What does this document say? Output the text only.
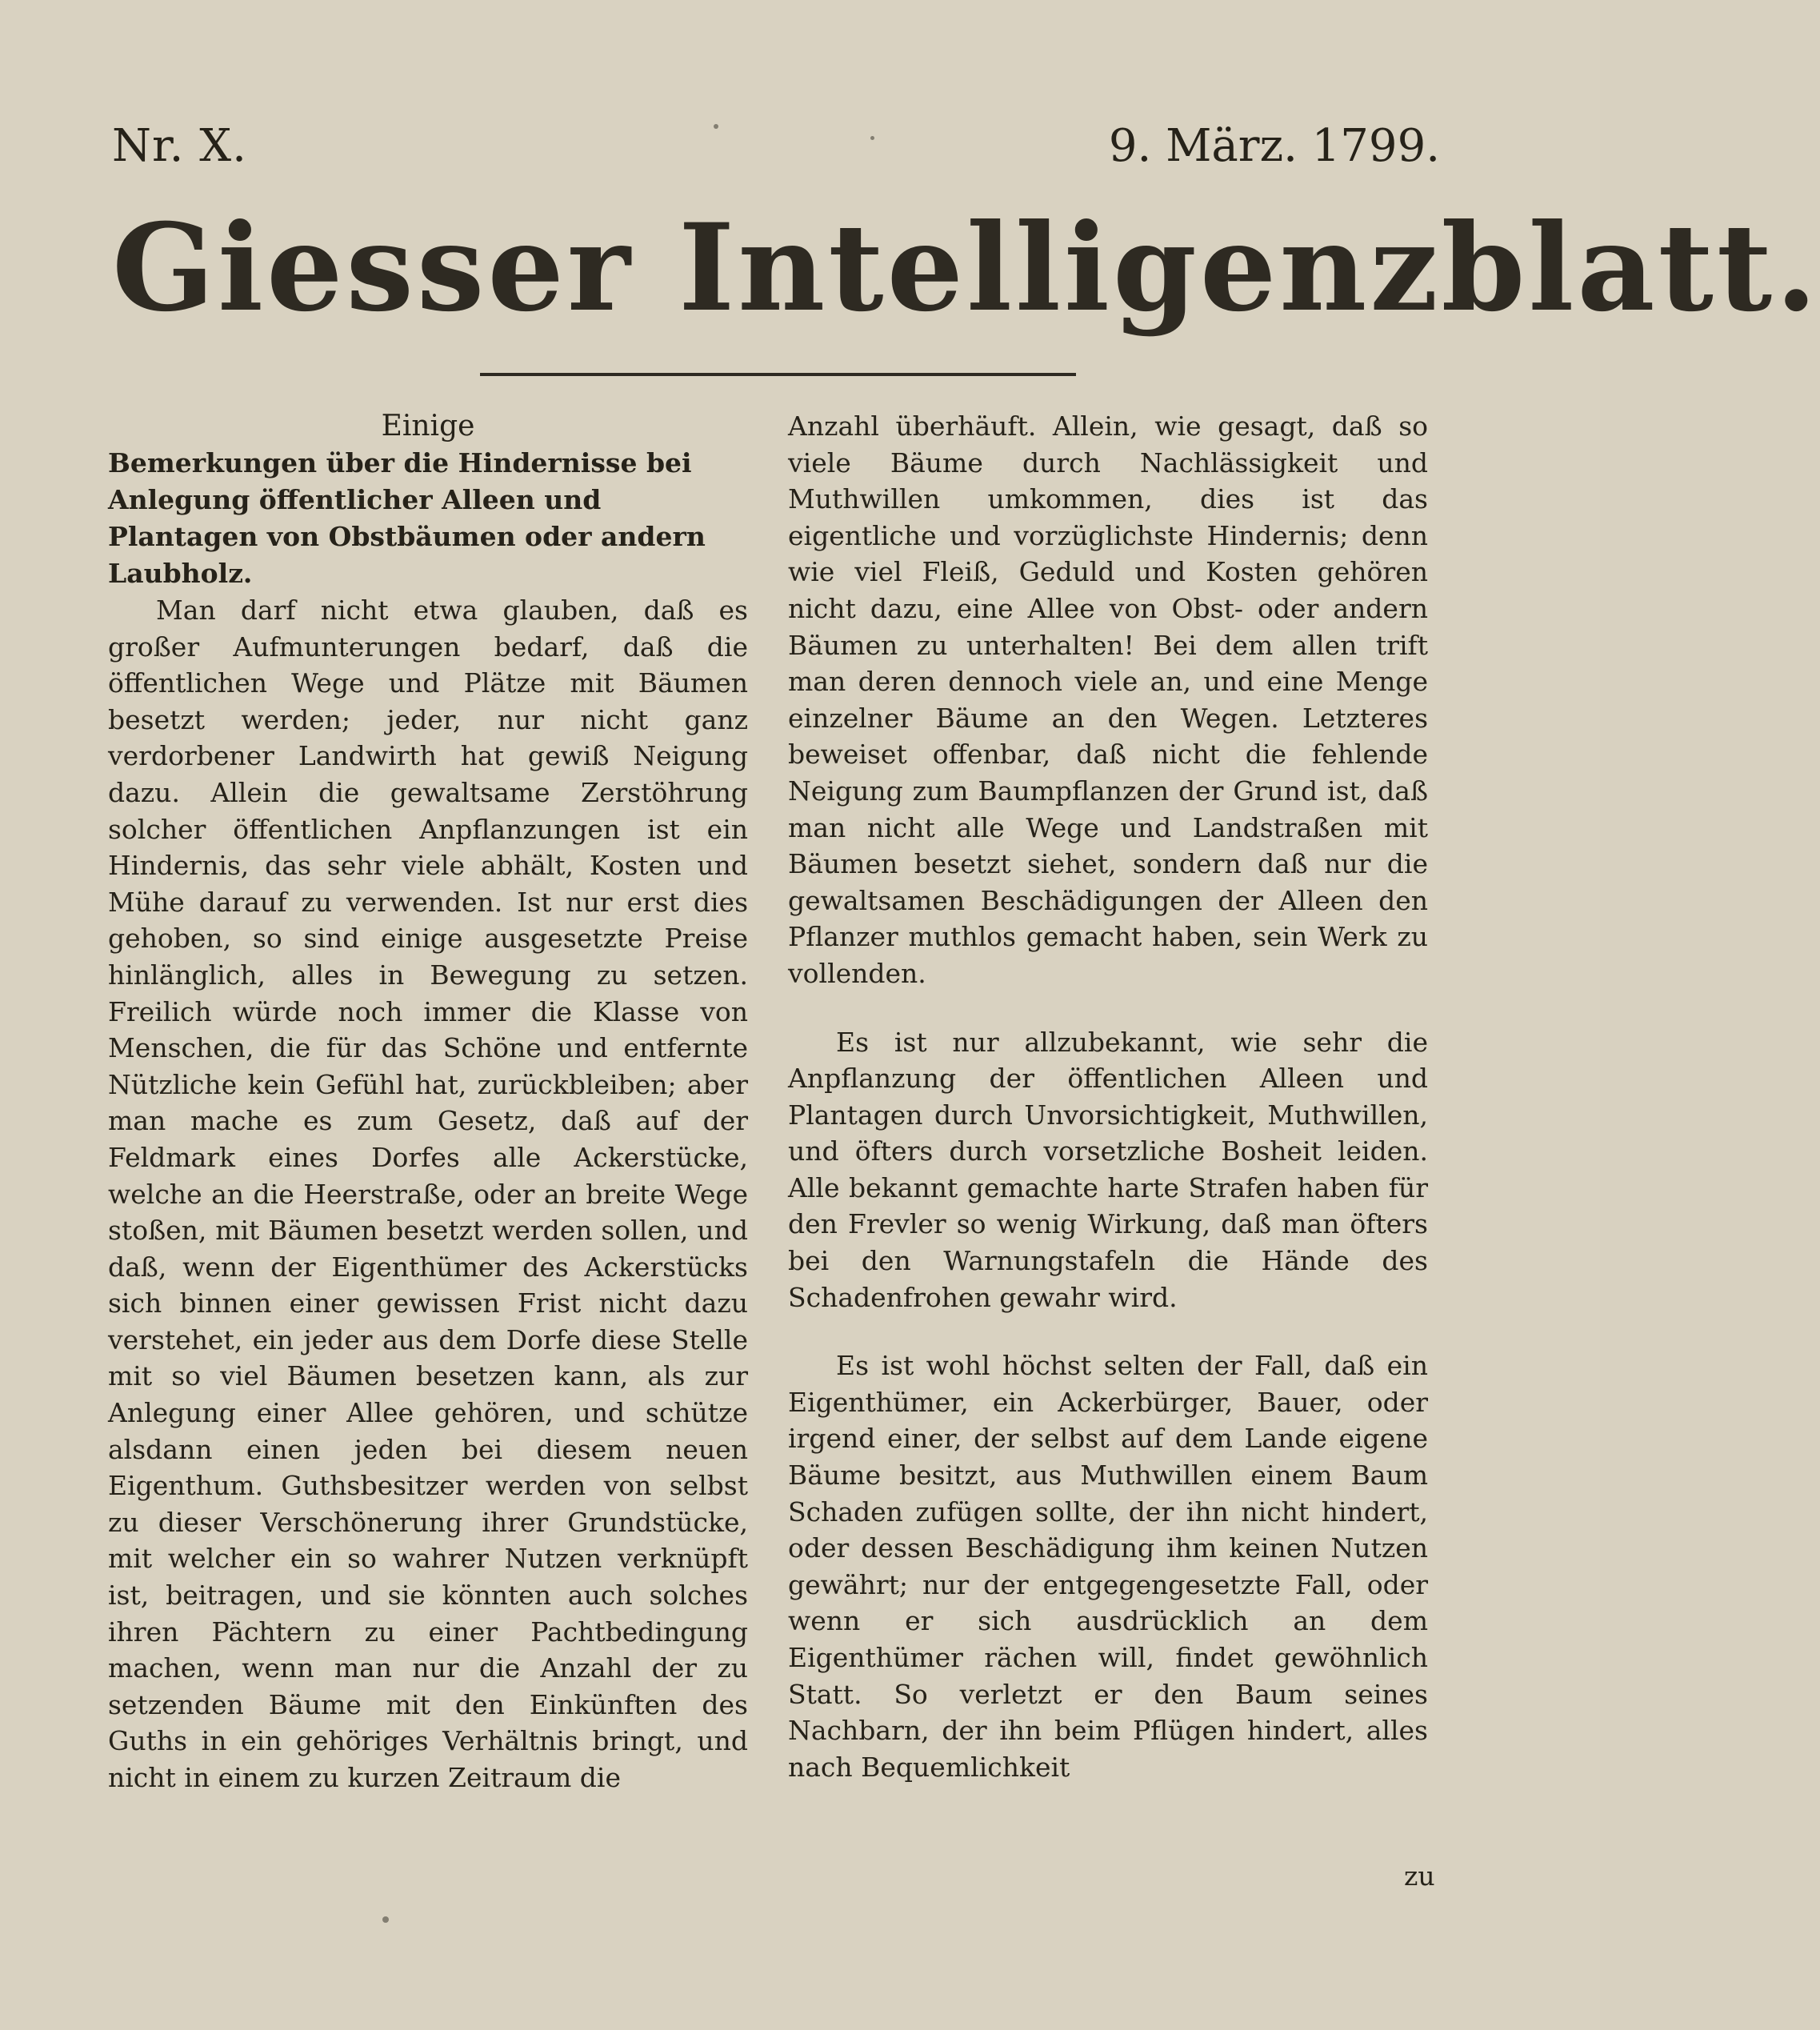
Nr. X.	9. März. 1799.
Giesser Intelligenzblatt.

Einige

Bemerkungen über die Hindernisse bei Anlegung öffentlicher Alleen und Plantagen von Obstbäumen oder andern Laubholz.

Man darf nicht etwa glauben, daß es großer Aufmunterungen bedarf, daß die öffentlichen Wege und Plätze mit Bäumen besetzt werden; jeder, nur nicht ganz verdorbener Landwirth hat gewiß Neigung dazu. Allein die gewaltsame Zerstöhrung solcher öffentlichen Anpflanzungen ist ein Hindernis, das sehr viele abhält, Kosten und Mühe darauf zu verwenden. Ist nur erst dies gehoben, so sind einige ausgesetzte Preise hinlänglich, alles in Bewegung zu setzen. Freilich würde noch immer die Klasse von Menschen, die für das Schöne und entfernte Nützliche kein Gefühl hat, zurückbleiben; aber man mache es zum Gesetz, daß auf der Feldmark eines Dorfes alle Ackerstücke, welche an die Heerstraße, oder an breite Wege stoßen, mit Bäumen besetzt werden sollen, und daß, wenn der Eigenthümer des Ackerstücks sich binnen einer gewissen Frist nicht dazu verstehet, ein jeder aus dem Dorfe diese Stelle mit so viel Bäumen besetzen kann, als zur Anlegung einer Allee gehören, und schütze alsdann einen jeden bei diesem neuen Eigenthum. Guthsbesitzer werden von selbst zu dieser Verschönerung ihrer Grundstücke, mit welcher ein so wahrer Nutzen verknüpft ist, beitragen, und sie könnten auch solches ihren Pächtern zu einer Pachtbedingung machen, wenn man nur die Anzahl der zu setzenden Bäume mit den Einkünften des Guths in ein gehöriges Verhältnis bringt, und nicht in einem zu kurzen Zeitraum die

Anzahl überhäuft. Allein, wie gesagt, daß so viele Bäume durch Nachlässigkeit und Muthwillen umkommen, dies ist das eigentliche und vorzüglichste Hindernis; denn wie viel Fleiß, Geduld und Kosten gehören nicht dazu, eine Allee von Obst- oder andern Bäumen zu unterhalten! Bei dem allen trift man deren dennoch viele an, und eine Menge einzelner Bäume an den Wegen. Letzteres beweiset offenbar, daß nicht die fehlende Neigung zum Baumpflanzen der Grund ist, daß man nicht alle Wege und Landstraßen mit Bäumen besetzt siehet, sondern daß nur die gewaltsamen Beschädigungen der Alleen den Pflanzer muthlos gemacht haben, sein Werk zu vollenden.

Es ist nur allzubekannt, wie sehr die Anpflanzung der öffentlichen Alleen und Plantagen durch Unvorsichtigkeit, Muthwillen, und öfters durch vorsetzliche Bosheit leiden. Alle bekannt gemachte harte Strafen haben für den Frevler so wenig Wirkung, daß man öfters bei den Warnungstafeln die Hände des Schadenfrohen gewahr wird.

Es ist wohl höchst selten der Fall, daß ein Eigenthümer, ein Ackerbürger, Bauer, oder irgend einer, der selbst auf dem Lande eigene Bäume besitzt, aus Muthwillen einem Baum Schaden zufügen sollte, der ihn nicht hindert, oder dessen Beschädigung ihm keinen Nutzen gewährt; nur der entgegengesetzte Fall, oder wenn er sich ausdrücklich an dem Eigenthümer rächen will, findet gewöhnlich Statt. So verletzt er den Baum seines Nachbarn, der ihn beim Pflügen hindert, alles nach Bequemlichkeit

zu
